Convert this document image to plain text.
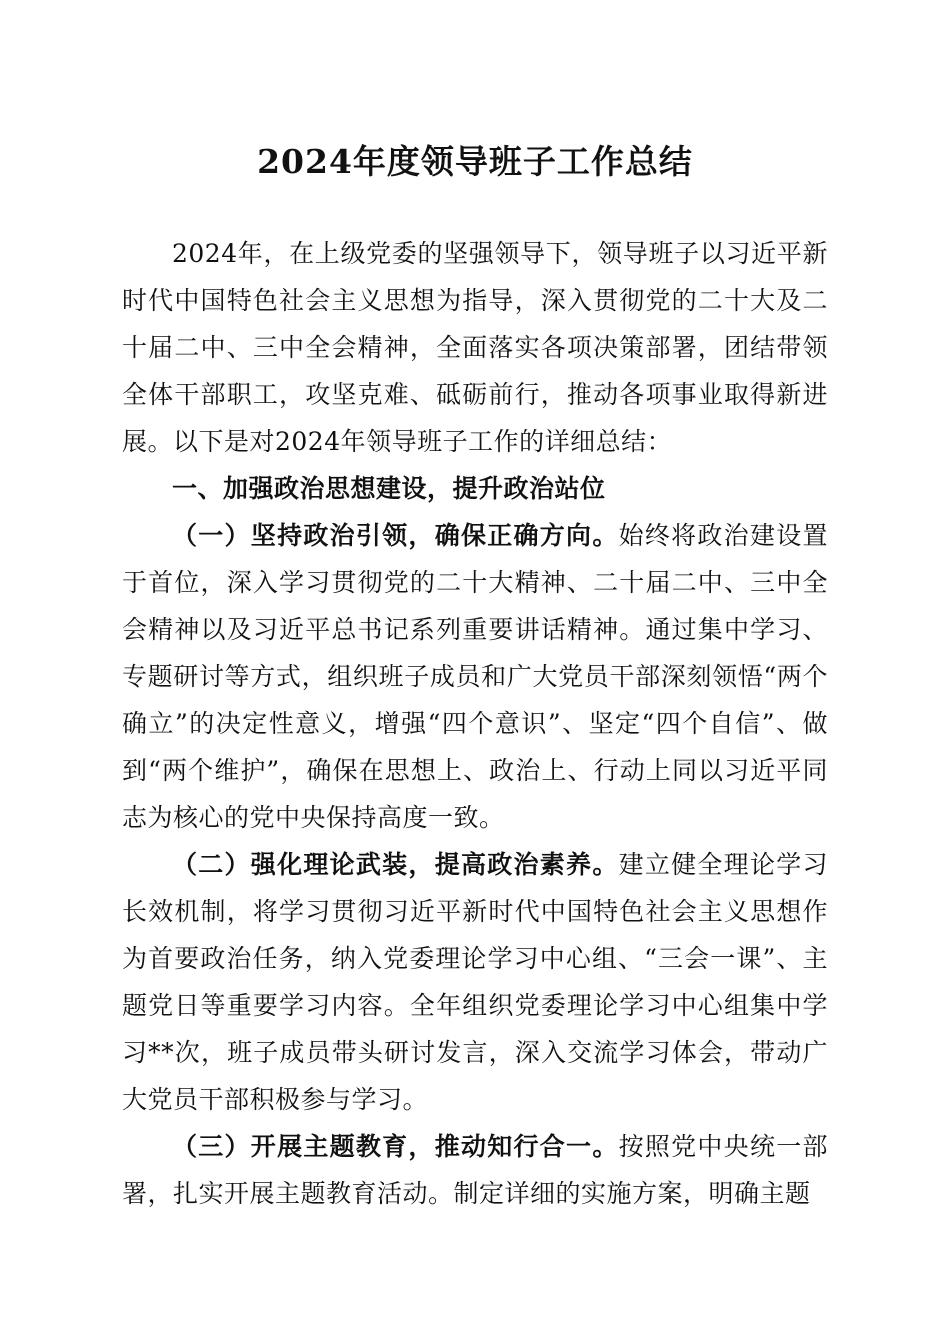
2024年度领导班子工作总结

2024年，在上级党委的坚强领导下，领导班子以习近平新时代中国特色社会主义思想为指导，深入贯彻党的二十大及二十届二中、三中全会精神，全面落实各项决策部署，团结带领全体干部职工，攻坚克难、砥砺前行，推动各项事业取得新进展。以下是对2024年领导班子工作的详细总结：

一、加强政治思想建设，提升政治站位

（一）坚持政治引领，确保正确方向。始终将政治建设置于首位，深入学习贯彻党的二十大精神、二十届二中、三中全会精神以及习近平总书记系列重要讲话精神。通过集中学习、专题研讨等方式，组织班子成员和广大党员干部深刻领悟“两个确立”的决定性意义，增强“四个意识”、坚定“四个自信”、做到“两个维护”，确保在思想上、政治上、行动上同以习近平同志为核心的党中央保持高度一致。

（二）强化理论武装，提高政治素养。建立健全理论学习长效机制，将学习贯彻习近平新时代中国特色社会主义思想作为首要政治任务，纳入党委理论学习中心组、“三会一课”、主题党日等重要学习内容。全年组织党委理论学习中心组集中学习**次，班子成员带头研讨发言，深入交流学习体会，带动广大党员干部积极参与学习。

（三）开展主题教育，推动知行合一。按照党中央统一部署，扎实开展主题教育活动。制定详细的实施方案，明确主题
